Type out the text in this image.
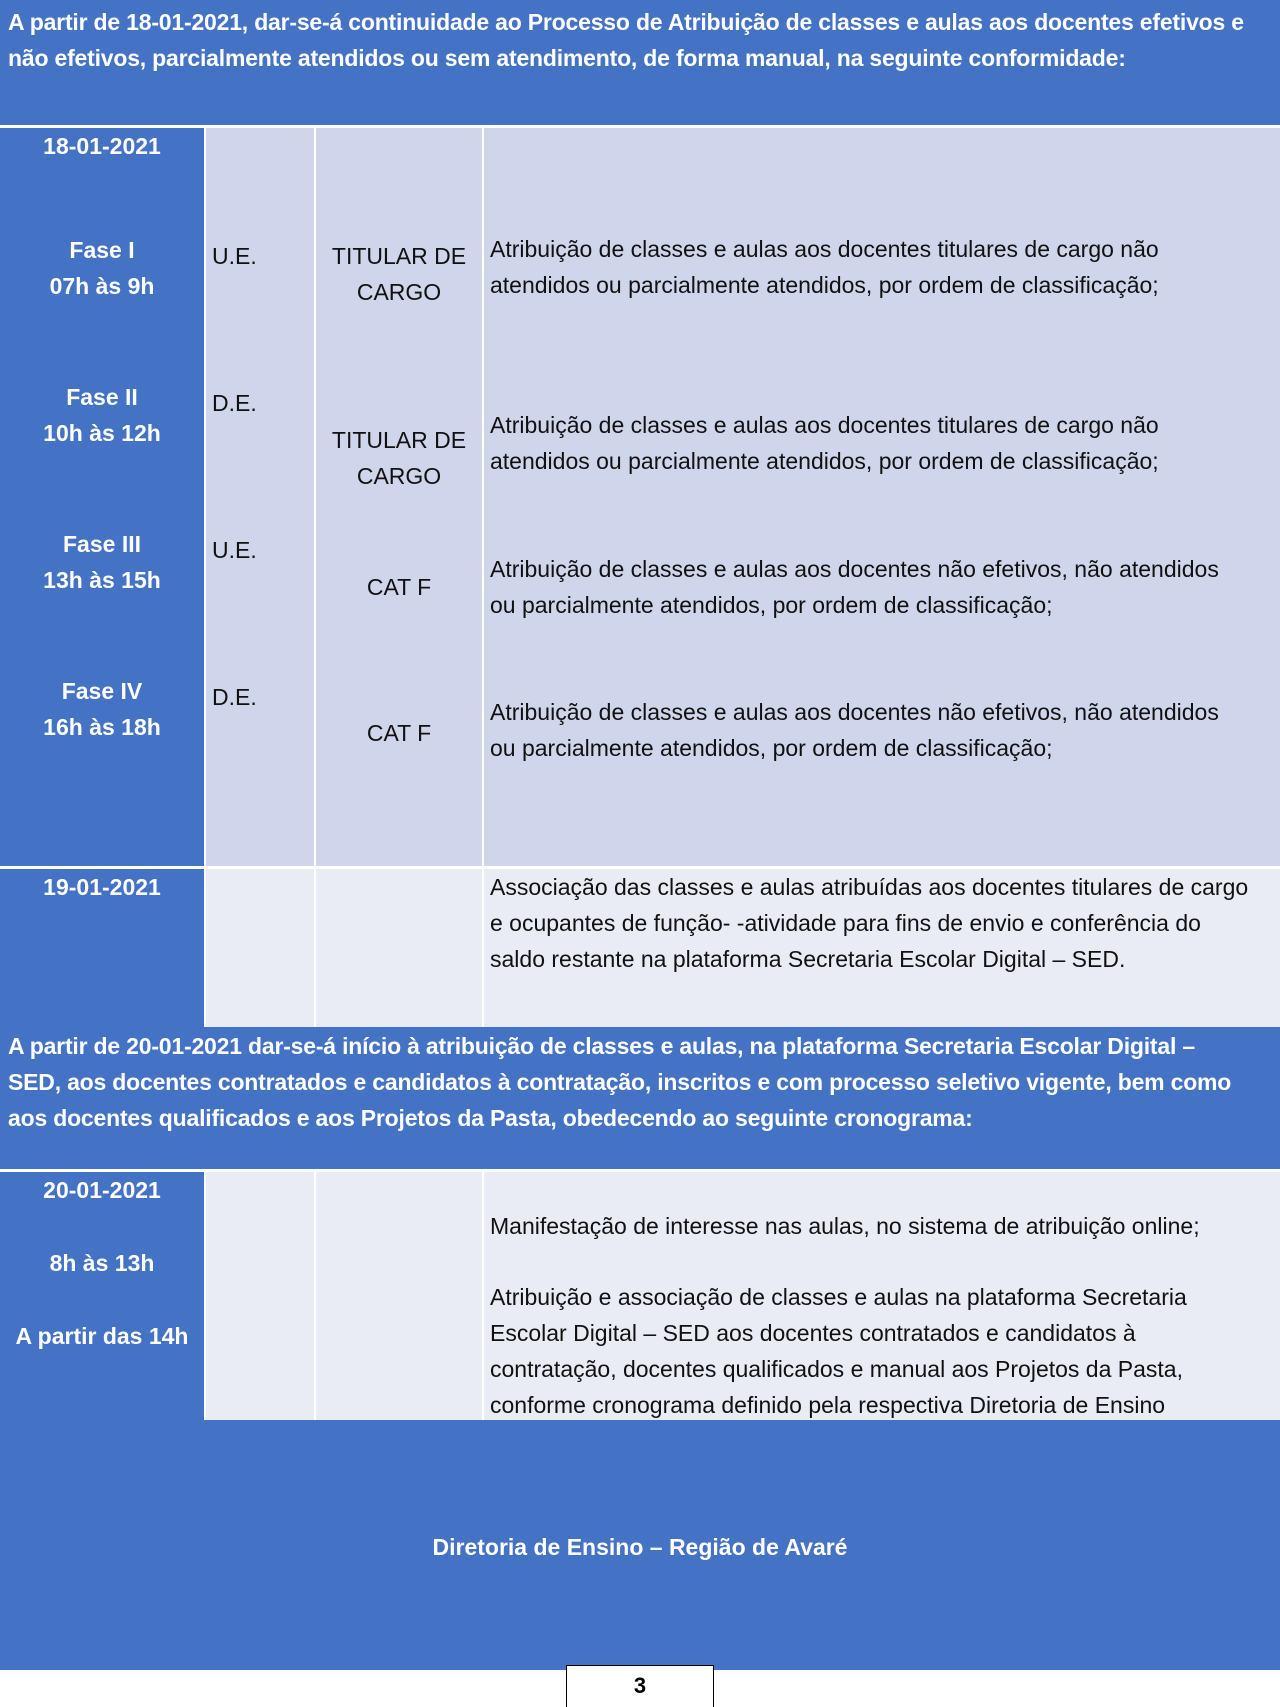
A partir de 18-01-2021, dar-se-á continuidade ao Processo de Atribuição de classes e aulas aos docentes efetivos e não efetivos, parcialmente atendidos ou sem atendimento, de forma manual, na seguinte conformidade:
18-01-2021
Fase I
07h às 9h
Fase II
10h às 12h
Fase III
13h às 15h
Fase IV
16h às 18h
U.E.
D.E.
U.E.
D.E.
TITULAR DE
CARGO
TITULAR DE
CARGO
CAT F
CAT F
Atribuição de classes e aulas aos docentes titulares de cargo não
atendidos ou parcialmente atendidos, por ordem de classificação;
Atribuição de classes e aulas aos docentes titulares de cargo não
atendidos ou parcialmente atendidos, por ordem de classificação;
Atribuição de classes e aulas aos docentes não efetivos, não atendidos
ou parcialmente atendidos, por ordem de classificação;
Atribuição de classes e aulas aos docentes não efetivos, não atendidos
ou parcialmente atendidos, por ordem de classificação;
19-01-2021	Associação das classes e aulas atribuídas aos docentes titulares de cargo
e ocupantes de função- -atividade para fins de envio e conferência do
saldo restante na plataforma Secretaria Escolar Digital – SED.
A partir de 20-01-2021 dar-se-á início à atribuição de classes e aulas, na plataforma Secretaria Escolar Digital –
SED, aos docentes contratados e candidatos à contratação, inscritos e com processo seletivo vigente, bem como
aos docentes qualificados e aos Projetos da Pasta, obedecendo ao seguinte cronograma:
20-01-2021
8h às 13h
A partir das 14h
Manifestação de interesse nas aulas, no sistema de atribuição online;
Atribuição e associação de classes e aulas na plataforma Secretaria
Escolar Digital – SED aos docentes contratados e candidatos à
contratação, docentes qualificados e manual aos Projetos da Pasta,
conforme cronograma definido pela respectiva Diretoria de Ensino
Diretoria de Ensino – Região de Avaré
3
